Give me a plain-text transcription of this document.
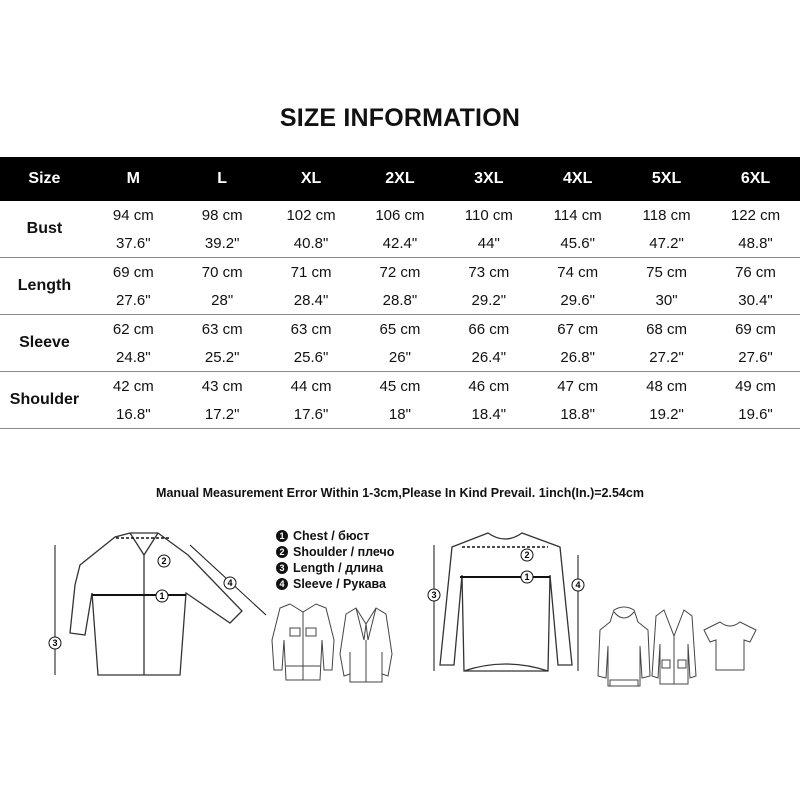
SIZE INFORMATION
Size	M	L	XL	2XL	3XL	4XL	5XL	6XL
Bust	94 cm	98 cm	102 cm	106 cm	110 cm	114 cm	118 cm	122 cm
	37.6"	39.2"	40.8"	42.4"	44"	45.6"	47.2"	48.8"
Length	69 cm	70 cm	71 cm	72 cm	73 cm	74 cm	75 cm	76 cm
	27.6"	28"	28.4"	28.8"	29.2"	29.6"	30"	30.4"
Sleeve	62 cm	63 cm	63 cm	65 cm	66 cm	67 cm	68 cm	69 cm
	24.8"	25.2"	25.6"	26"	26.4"	26.8"	27.2"	27.6"
Shoulder	42 cm	43 cm	44 cm	45 cm	46 cm	47 cm	48 cm	49 cm
	16.8"	17.2"	17.6"	18"	18.4"	18.8"	19.2"	19.6"
Manual Measurement Error Within 1-3cm,Please In Kind Prevail. 1inch(In.)=2.54cm
1 Chest / бюст
2 Shoulder / плечо
3 Length / длина
4 Sleeve / Рукава
1
2
3
4
1
2
3
4
